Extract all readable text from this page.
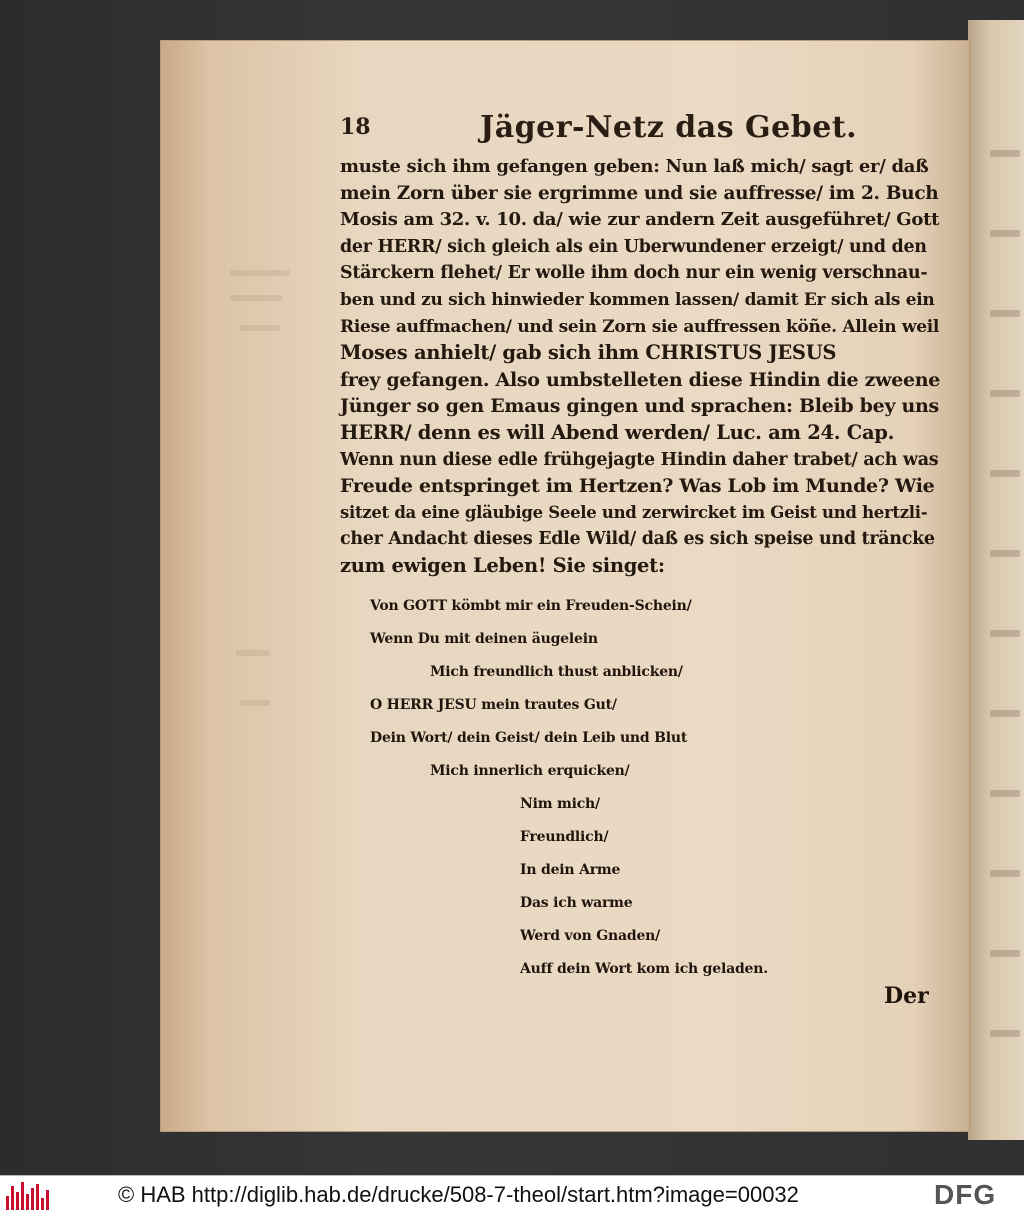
18	Jäger-Netz das Gebet.
muste sich ihm gefangen geben: Nun laß mich/ sagt er/ daß
mein Zorn über sie ergrimme und sie auffresse/ im 2. Buch
Mosis am 32. v. 10. da/ wie zur andern Zeit ausgeführet/ Gott
der HERR/ sich gleich als ein Uberwundener erzeigt/ und den
Stärckern flehet/ Er wolle ihm doch nur ein wenig verschnau-
ben und zu sich hinwieder kommen lassen/ damit Er sich als ein
Riese auffmachen/ und sein Zorn sie auffressen köñe. Allein weil
Moses anhielt/ gab sich ihm CHRISTUS JESUS
frey gefangen. Also umbstelleten diese Hindin die zweene
Jünger so gen Emaus gingen und sprachen: Bleib bey uns
HERR/ denn es will Abend werden/ Luc. am 24. Cap.
Wenn nun diese edle frühgejagte Hindin daher trabet/ ach was
Freude entspringet im Hertzen? Was Lob im Munde? Wie
sitzet da eine gläubige Seele und zerwircket im Geist und hertzli-
cher Andacht dieses Edle Wild/ daß es sich speise und träncke
zum ewigen Leben! Sie singet:
Von GOTT kömbt mir ein Freuden-Schein/
Wenn Du mit deinen äugelein
Mich freundlich thust anblicken/
O HERR JESU mein trautes Gut/
Dein Wort/ dein Geist/ dein Leib und Blut
Mich innerlich erquicken/
Nim mich/
Freundlich/
In dein Arme
Das ich warme
Werd von Gnaden/
Auff dein Wort kom ich geladen.
Der
© HAB http://diglib.hab.de/drucke/508-7-theol/start.htm?image=00032	DFG
